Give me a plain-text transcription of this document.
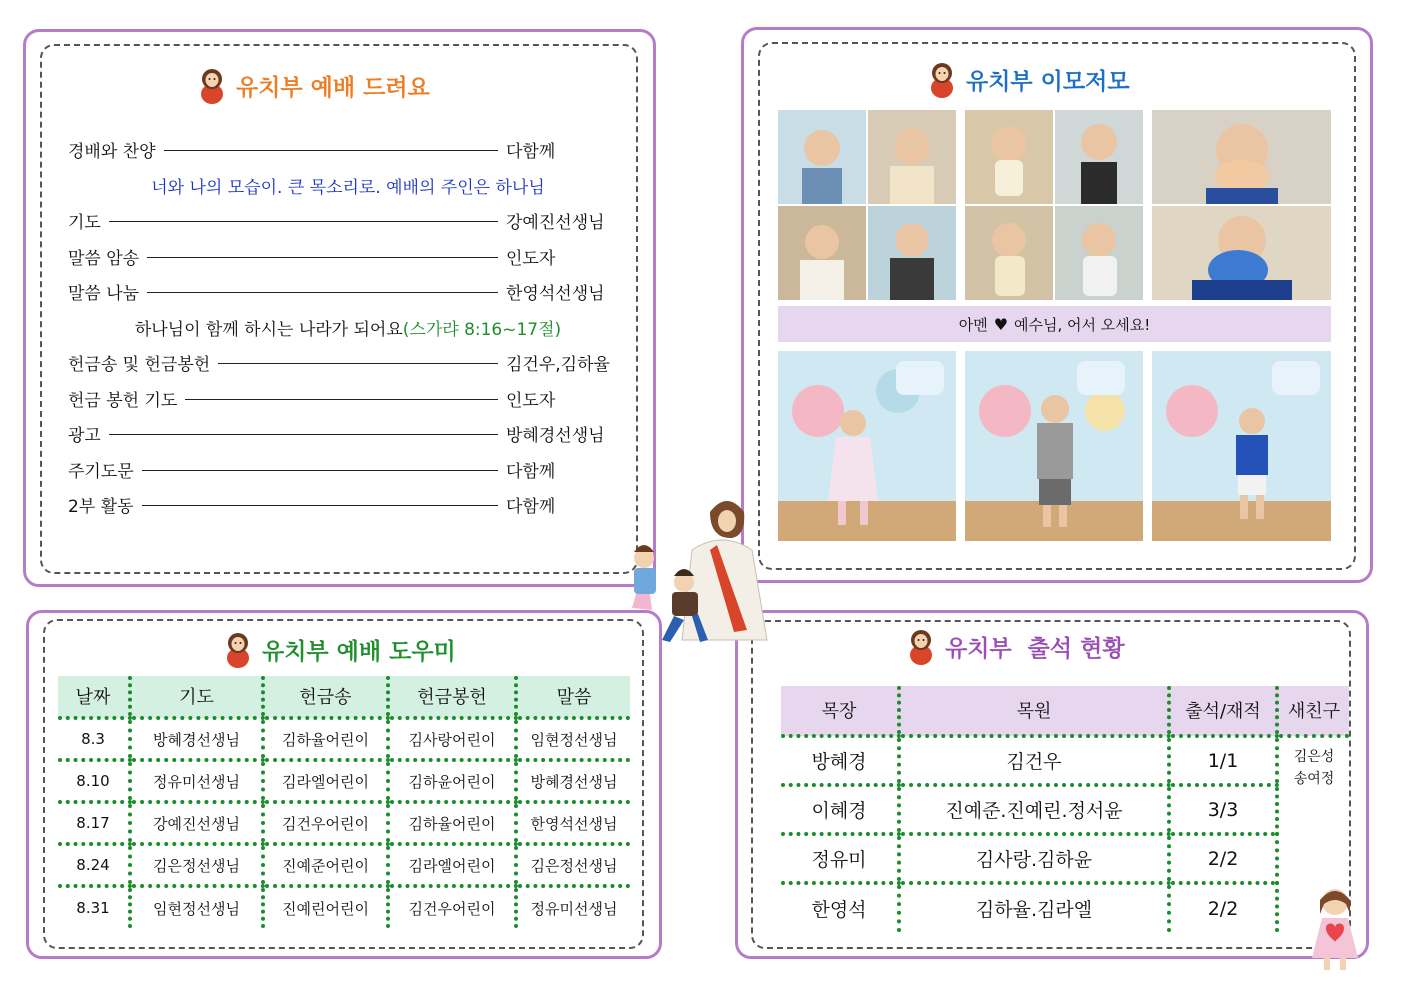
유치부 예배 드려요
경배와 찬양	다함께
너와 나의 모습이. 큰 목소리로. 예배의 주인은 하나님
기도	강예진선생님
말씀 암송	인도자
말씀 나눔	한영석선생님
하나님이 함께 하시는 나라가 되어요 (스가랴 8:16~17절)
헌금송 및 헌금봉헌	김건우,김하율
헌금 봉헌 기도	인도자
광고	방혜경선생님
주기도문	다함께
2부 활동	다함께
유치부 이모저모
아멘 ♥ 예수님, 어서 오세요!
유치부 예배 도우미
날짜	기도	헌금송	헌금봉헌	말씀
8.3	방혜경선생님	김하율어린이	김사랑어린이	임현정선생님
8.10	정유미선생님	김라엘어린이	김하윤어린이	방혜경선생님
8.17	강예진선생님	김건우어린이	김하율어린이	한영석선생님
8.24	김은정선생님	진예준어린이	김라엘어린이	김은정선생님
8.31	임현정선생님	진예린어린이	김건우어린이	정유미선생님
유치부  출석 현황
목장	목원	출석/재적	새친구
방혜경	김건우	1/1	김은성
송여정

이혜경	진예준.진예린.정서윤	3/3	
정유미	김사랑.김하윤	2/2	
한영석	김하율.김라엘	2/2	
